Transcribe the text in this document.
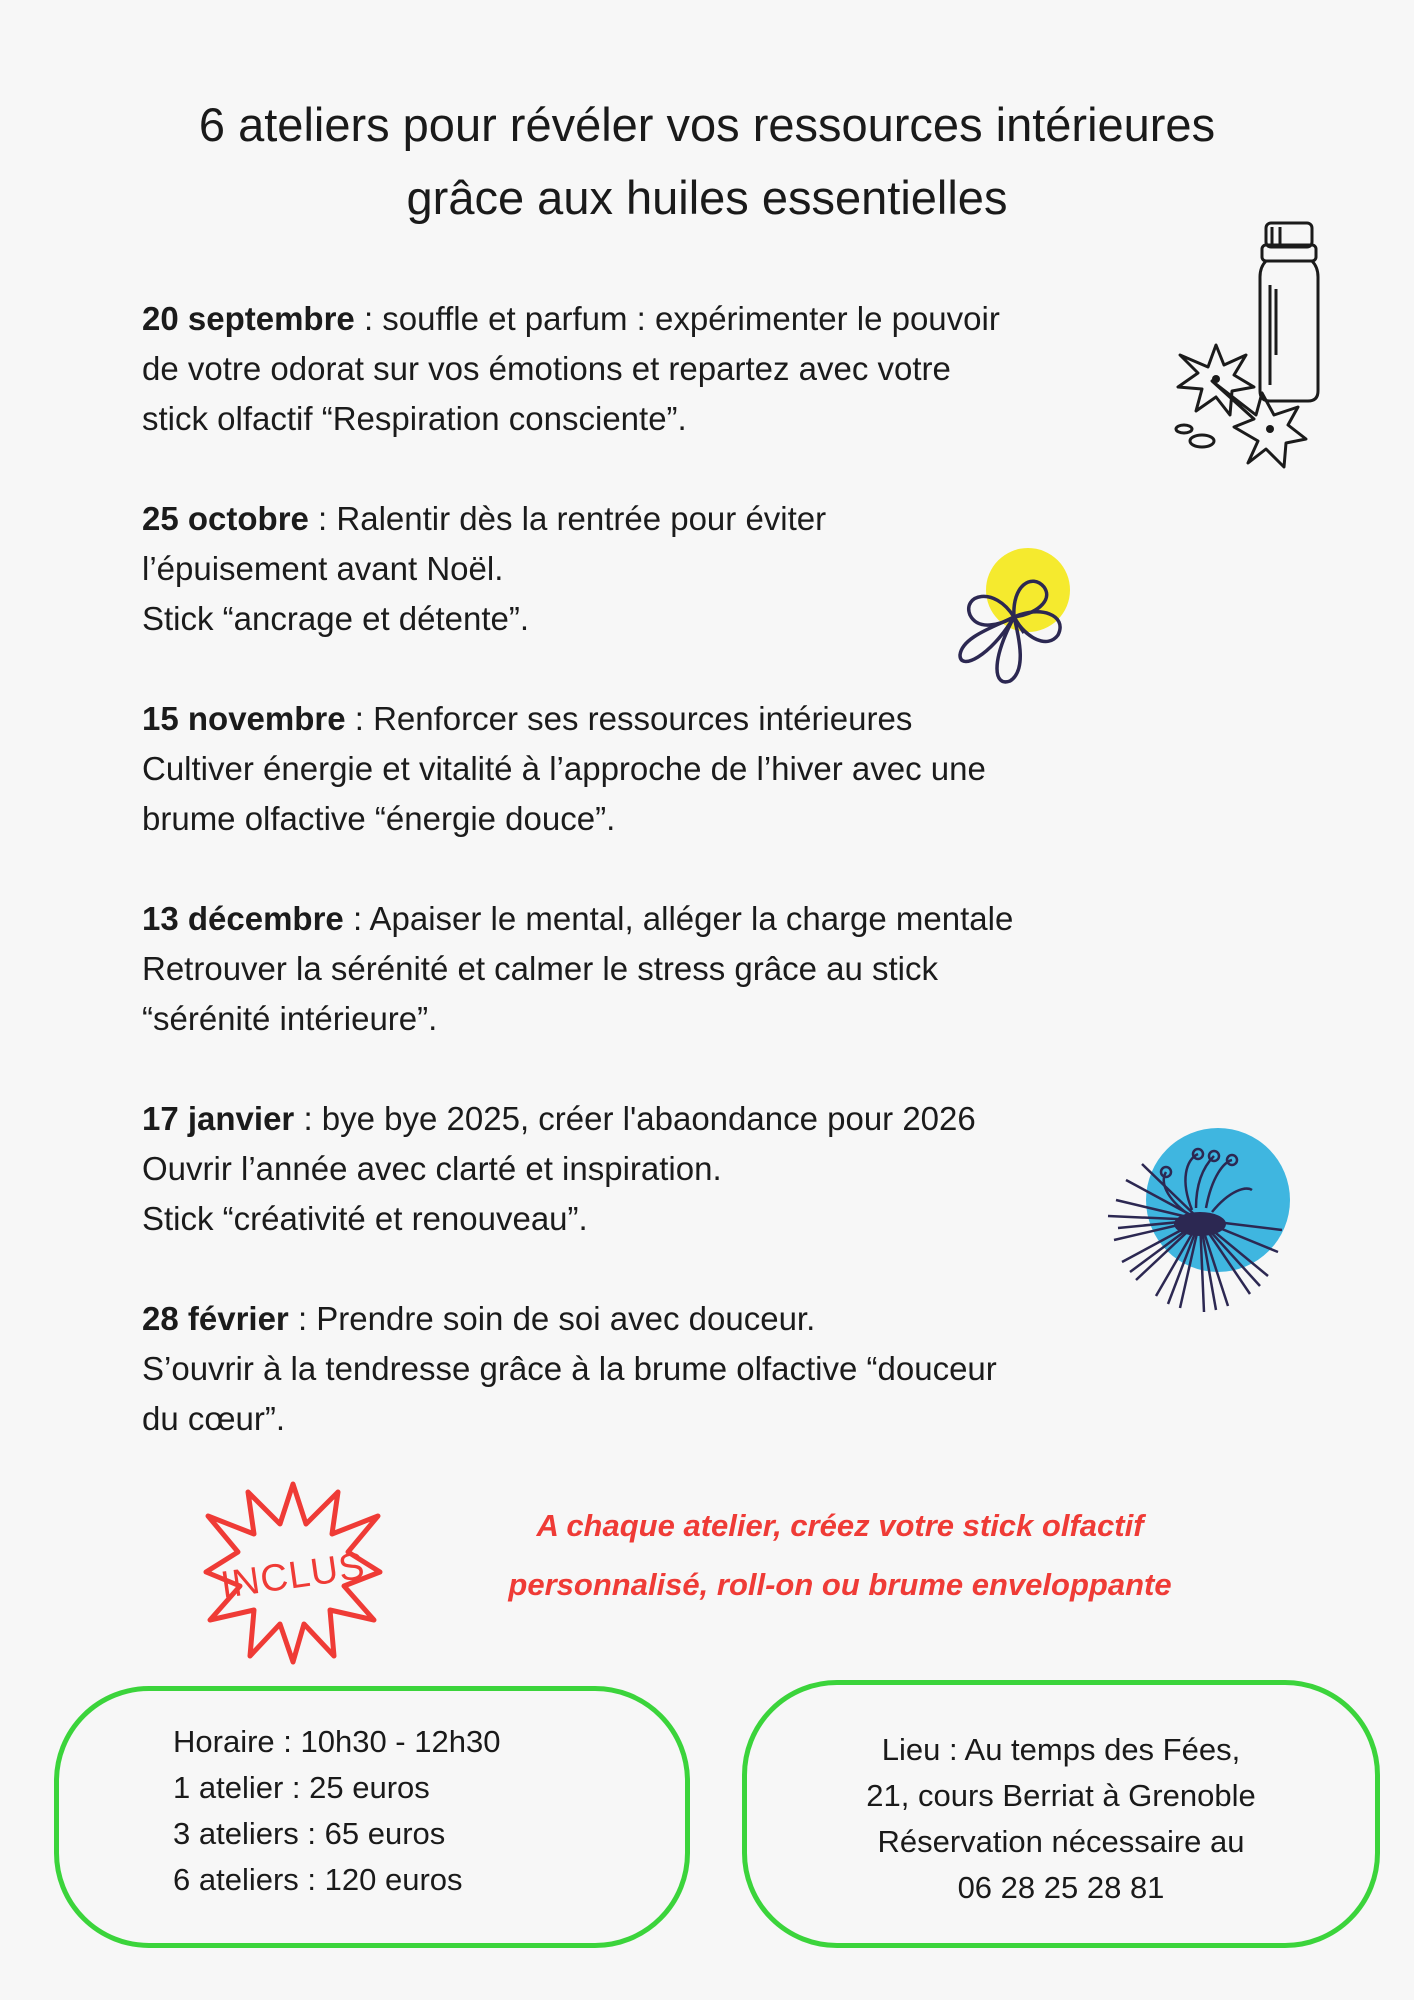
6 ateliers pour révéler vos ressources intérieures
grâce aux huiles essentielles
20 septembre : souffle et parfum : expérimenter le pouvoir
de votre odorat sur vos émotions et repartez avec votre
stick olfactif “Respiration consciente”.
25 octobre : Ralentir dès la rentrée pour éviter
l’épuisement avant Noël.
Stick “ancrage et détente”.
15 novembre : Renforcer ses ressources intérieures
Cultiver énergie et vitalité à l’approche de l’hiver avec une
brume olfactive “énergie douce”.
13 décembre : Apaiser le mental, alléger la charge mentale
Retrouver la sérénité et calmer le stress grâce au stick
“sérénité intérieure”.
17 janvier : bye bye 2025, créer l'abaondance pour 2026
Ouvrir l’année avec clarté et inspiration.
Stick “créativité et renouveau”.
28 février : Prendre soin de soi avec douceur.
S’ouvrir à la tendresse grâce à la brume olfactive “douceur
du cœur”.
INCLUS
A chaque atelier, créez votre stick olfactif
personnalisé, roll-on ou brume enveloppante
Horaire : 10h30 - 12h30
1 atelier : 25 euros
3 ateliers : 65 euros
6 ateliers : 120 euros
Lieu : Au temps des Fées,
21, cours Berriat à Grenoble
Réservation nécessaire au
06 28 25 28 81
